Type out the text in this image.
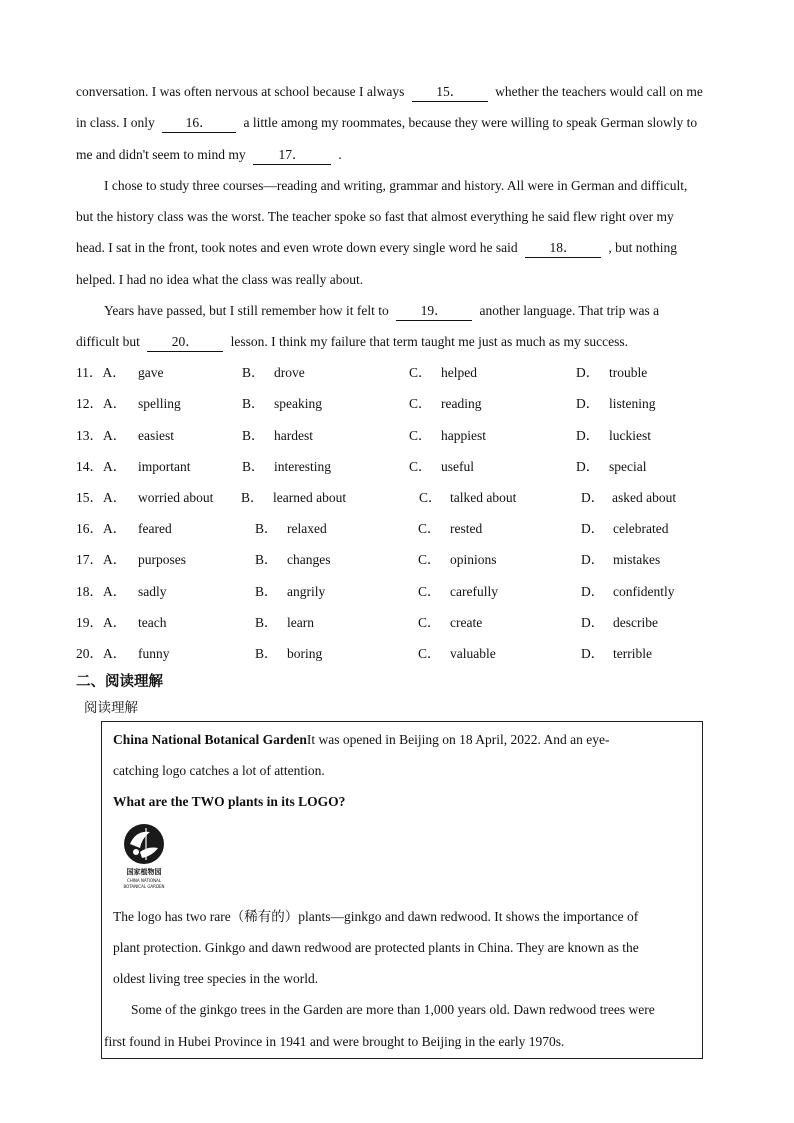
conversation. I was often nervous at school because I always 15． whether the teachers would call on me
in class. I only 16． a little among my roommates, because they were willing to speak German slowly to
me and didn't seem to mind my 17． .
I chose to study three courses—reading and writing, grammar and history. All were in German and difficult,
but the history class was the worst. The teacher spoke so fast that almost everything he said flew right over my
head. I sat in the front, took notes and even wrote down every single word he said 18． , but nothing
helped. I had no idea what the class was really about.
Years have passed, but I still remember how it felt to 19． another language. That trip was a
difficult but 20． lesson. I think my failure that term taught me just as much as my success.
11．A． gave	B． drove	C． helped	D． trouble
12．A． spelling	B． speaking	C． reading	D． listening
13．A． easiest	B． hardest	C． happiest	D． luckiest
14．A． important	B． interesting	C． useful	D． special
15．A． worried about B． learned about	C． talked about	D． asked about
16．A． feared	B． relaxed	C． rested	D． celebrated
17．A． purposes	B． changes	C． opinions	D． mistakes
18．A． sadly	B． angrily	C． carefully	D． confidently
19．A． teach	B． learn	C． create	D． describe
20．A． funny	B． boring	C． valuable	D． terrible
二、阅读理解
阅读理解
China National Botanical GardenIt was opened in Beijing on 18 April, 2022. And an eye-
catching logo catches a lot of attention.
What are the TWO plants in its LOGO?
国家植物园
CHINA NATIONAL
BOTANICAL GARDEN
The logo has two rare（稀有的）plants—ginkgo and dawn redwood. It shows the importance of
plant protection. Ginkgo and dawn redwood are protected plants in China. They are known as the
oldest living tree species in the world.
Some of the ginkgo trees in the Garden are more than 1,000 years old. Dawn redwood trees were
first found in Hubei Province in 1941 and were brought to Beijing in the early 1970s.
